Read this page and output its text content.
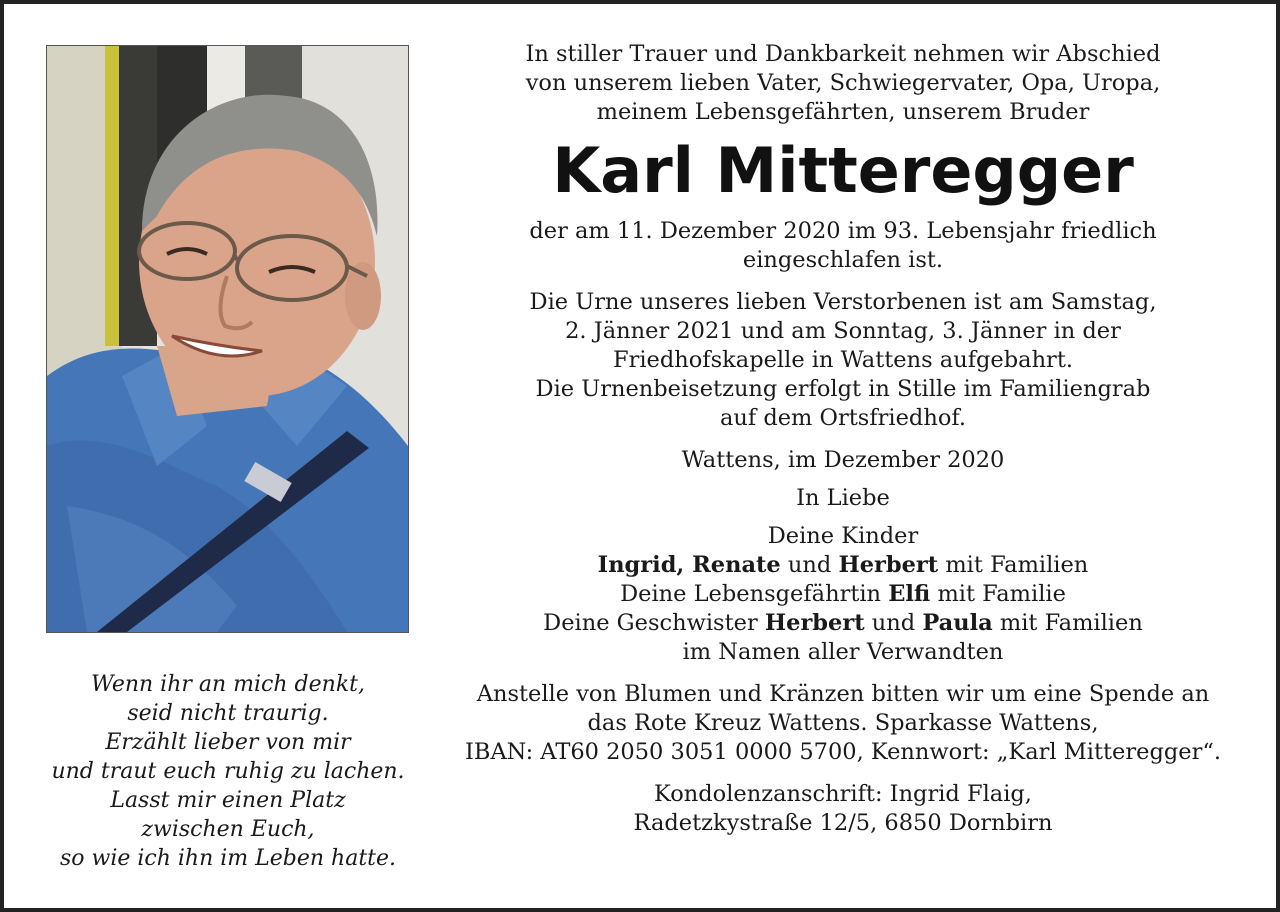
Wenn ihr an mich denkt,
seid nicht traurig.
Erzählt lieber von mir
und traut euch ruhig zu lachen.
Lasst mir einen Platz
zwischen Euch,
so wie ich ihn im Leben hatte.
In stiller Trauer und Dankbarkeit nehmen wir Abschied
von unserem lieben Vater, Schwiegervater, Opa, Uropa,
meinem Lebensgefährten, unserem Bruder
Karl Mitteregger
der am 11. Dezember 2020 im 93. Lebensjahr friedlich
eingeschlafen ist.
Die Urne unseres lieben Verstorbenen ist am Samstag,
2. Jänner 2021 und am Sonntag, 3. Jänner in der
Friedhofskapelle in Wattens aufgebahrt.
Die Urnenbeisetzung erfolgt in Stille im Familiengrab
auf dem Ortsfriedhof.
Wattens, im Dezember 2020
In Liebe
Deine Kinder
Ingrid, Renate und Herbert mit Familien
Deine Lebensgefährtin Elfi mit Familie
Deine Geschwister Herbert und Paula mit Familien
im Namen aller Verwandten
Anstelle von Blumen und Kränzen bitten wir um eine Spende an
das Rote Kreuz Wattens. Sparkasse Wattens,
IBAN: AT60 2050 3051 0000 5700, Kennwort: „Karl Mitteregger“.
Kondolenzanschrift: Ingrid Flaig,
Radetzkystraße 12/5, 6850 Dornbirn
